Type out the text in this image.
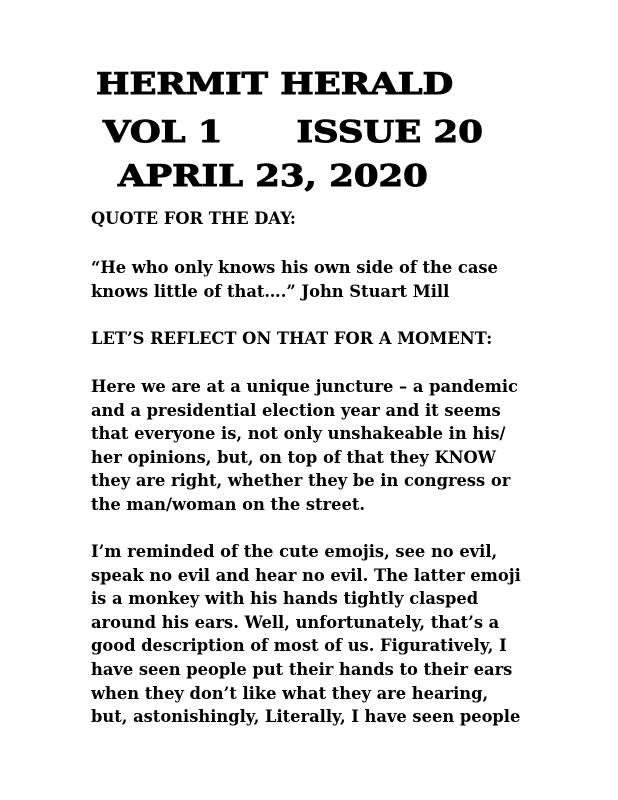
HERMIT HERALD
VOL 1      ISSUE 20
APRIL 23, 2020
QUOTE FOR THE DAY:
“He who only knows his own side of the case
knows little of that….” John Stuart Mill
LET’S REFLECT ON THAT FOR A MOMENT:
Here we are at a unique juncture – a pandemic
and a presidential election year and it seems
that everyone is, not only unshakeable in his/
her opinions, but, on top of that they KNOW
they are right, whether they be in congress or
the man/woman on the street.
I’m reminded of the cute emojis, see no evil,
speak no evil and hear no evil. The latter emoji
is a monkey with his hands tightly clasped
around his ears. Well, unfortunately, that’s a
good description of most of us. Figuratively, I
have seen people put their hands to their ears
when they don’t like what they are hearing,
but, astonishingly, Literally, I have seen people
